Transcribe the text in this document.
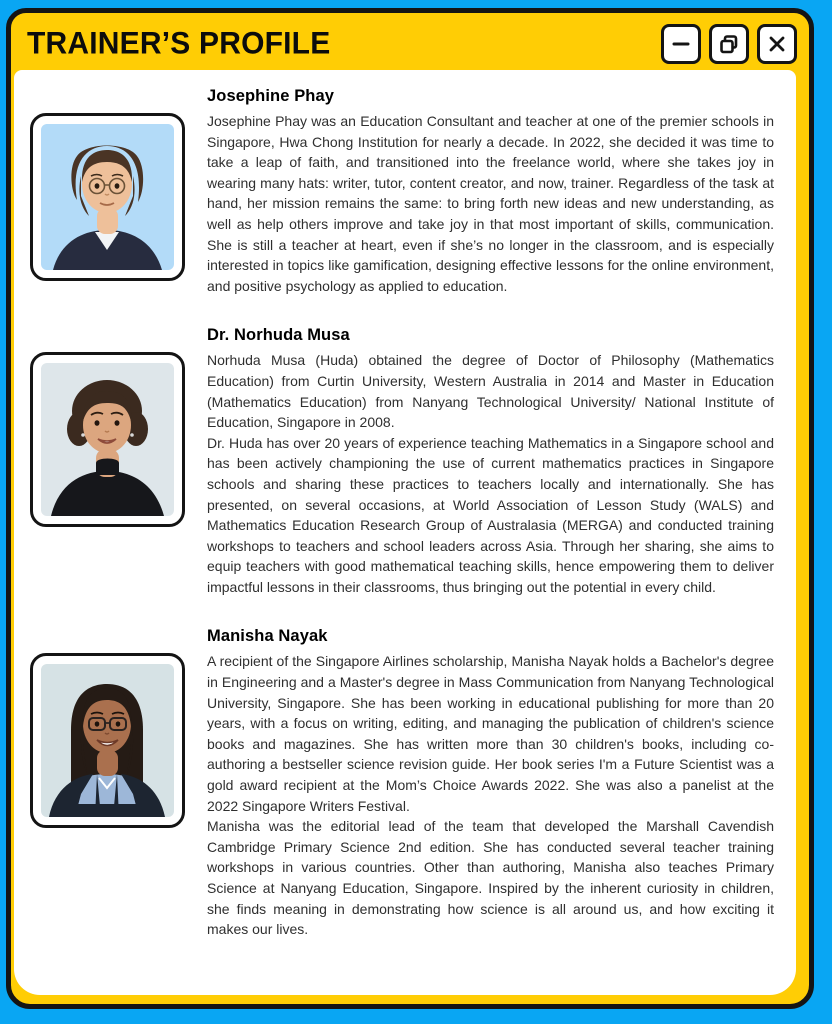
TRAINER’S PROFILE
Josephine Phay

Josephine Phay was an Education Consultant and teacher at one of the premier schools in Singapore, Hwa Chong Institution for nearly a decade. In 2022, she decided it was time to take a leap of faith, and transitioned into the freelance world, where she takes joy in wearing many hats: writer, tutor, content creator, and now, trainer. Regardless of the task at hand, her mission remains the same: to bring forth new ideas and new understanding, as well as help others improve and take joy in that most important of skills, communication. She is still a teacher at heart, even if she’s no longer in the classroom, and is especially interested in topics like gamification, designing effective lessons for the online environment, and positive psychology as applied to education.

Dr. Norhuda Musa

Norhuda Musa (Huda) obtained the degree of Doctor of Philosophy (Mathematics Education) from Curtin University, Western Australia in 2014 and Master in Education (Mathematics Education) from Nanyang Technological University/ National Institute of Education, Singapore in 2008.

Dr. Huda has over 20 years of experience teaching Mathematics in a Singapore school and has been actively championing the use of current mathematics practices in Singapore schools and sharing these practices to teachers locally and internationally. She has presented, on several occasions, at World Association of Lesson Study (WALS) and Mathematics Education Research Group of Australasia (MERGA) and conducted training workshops to teachers and school leaders across Asia. Through her sharing, she aims to equip teachers with good mathematical teaching skills, hence empowering them to deliver impactful lessons in their classrooms, thus bringing out the potential in every child.

Manisha Nayak

A recipient of the Singapore Airlines scholarship, Manisha Nayak holds a Bachelor's degree in Engineering and a Master's degree in Mass Communication from Nanyang Technological University, Singapore. She has been working in educational publishing for more than 20 years, with a focus on writing, editing, and managing the publication of children's science books and magazines. She has written more than 30 children's books, including co-authoring a bestseller science revision guide. Her book series I'm a Future Scientist was a gold award recipient at the Mom’s Choice Awards 2022. She was also a panelist at the 2022 Singapore Writers Festival.

Manisha was the editorial lead of the team that developed the Marshall Cavendish Cambridge Primary Science 2nd edition. She has conducted several teacher training workshops in various countries. Other than authoring, Manisha also teaches Primary Science at Nanyang Education, Singapore. Inspired by the inherent curiosity in children, she finds meaning in demonstrating how science is all around us, and how exciting it makes our lives.
